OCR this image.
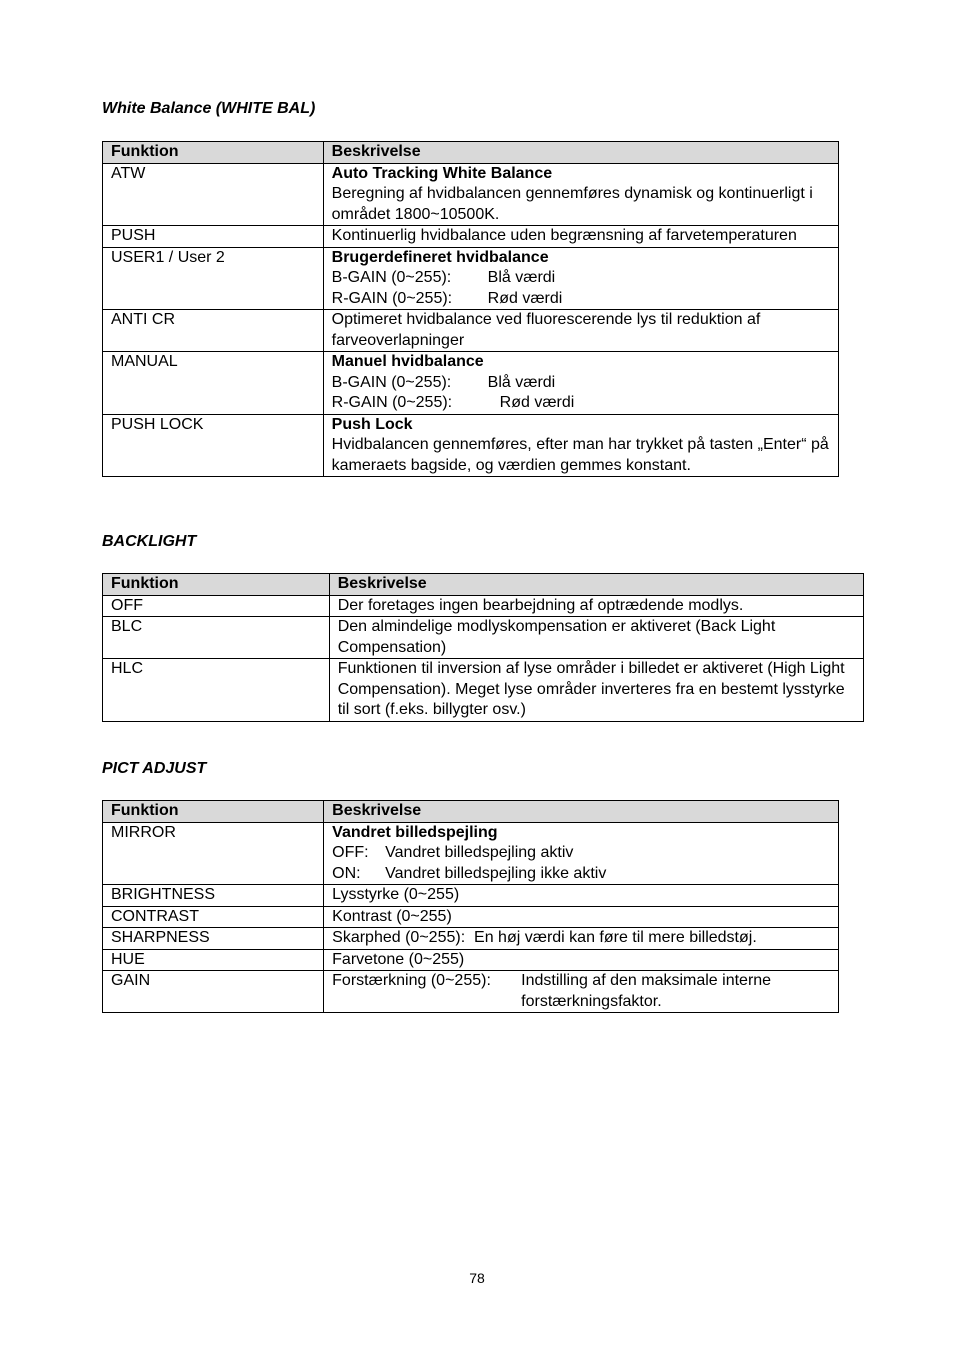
White Balance (WHITE BAL)
Funktion	Beskrivelse
ATW	Auto Tracking White Balance
Beregning af hvidbalancen gennemføres dynamisk og kontinuerligt i området 1800~10500K.

PUSH	Kontinuerlig hvidbalance uden begrænsning af farvetemperaturen
USER1 / User 2	Brugerdefineret hvidbalance
B-GAIN (0~255): Blå værdi
R-GAIN (0~255): Rød værdi

ANTI CR	Optimeret hvidbalance ved fluorescerende lys til reduktion af farveoverlapninger
MANUAL	Manuel hvidbalance
B-GAIN (0~255): Blå værdi
R-GAIN (0~255): Rød værdi

PUSH LOCK	Push Lock
Hvidbalancen gennemføres, efter man har trykket på tasten „Enter“ på kameraets bagside, og værdien gemmes konstant.
BACKLIGHT
Funktion	Beskrivelse
OFF	Der foretages ingen bearbejdning af optrædende modlys.
BLC	Den almindelige modlyskompensation er aktiveret (Back Light Compensation)
HLC	Funktionen til inversion af lyse områder i billedet er aktiveret (High Light Compensation). Meget lyse områder inverteres fra en bestemt lysstyrke til sort (f.eks. billygter osv.)
PICT ADJUST
Funktion	Beskrivelse
MIRROR	Vandret billedspejling
OFF: Vandret billedspejling aktiv
ON: Vandret billedspejling ikke aktiv

BRIGHTNESS	Lysstyrke (0~255)
CONTRAST	Kontrast (0~255)
SHARPNESS	Skarphed (0~255):  En høj værdi kan føre til mere billedstøj.
HUE	Farvetone (0~255)
GAIN	Forstærkning (0~255): Indstilling af den maksimale interne forstærkningsfaktor.
78
